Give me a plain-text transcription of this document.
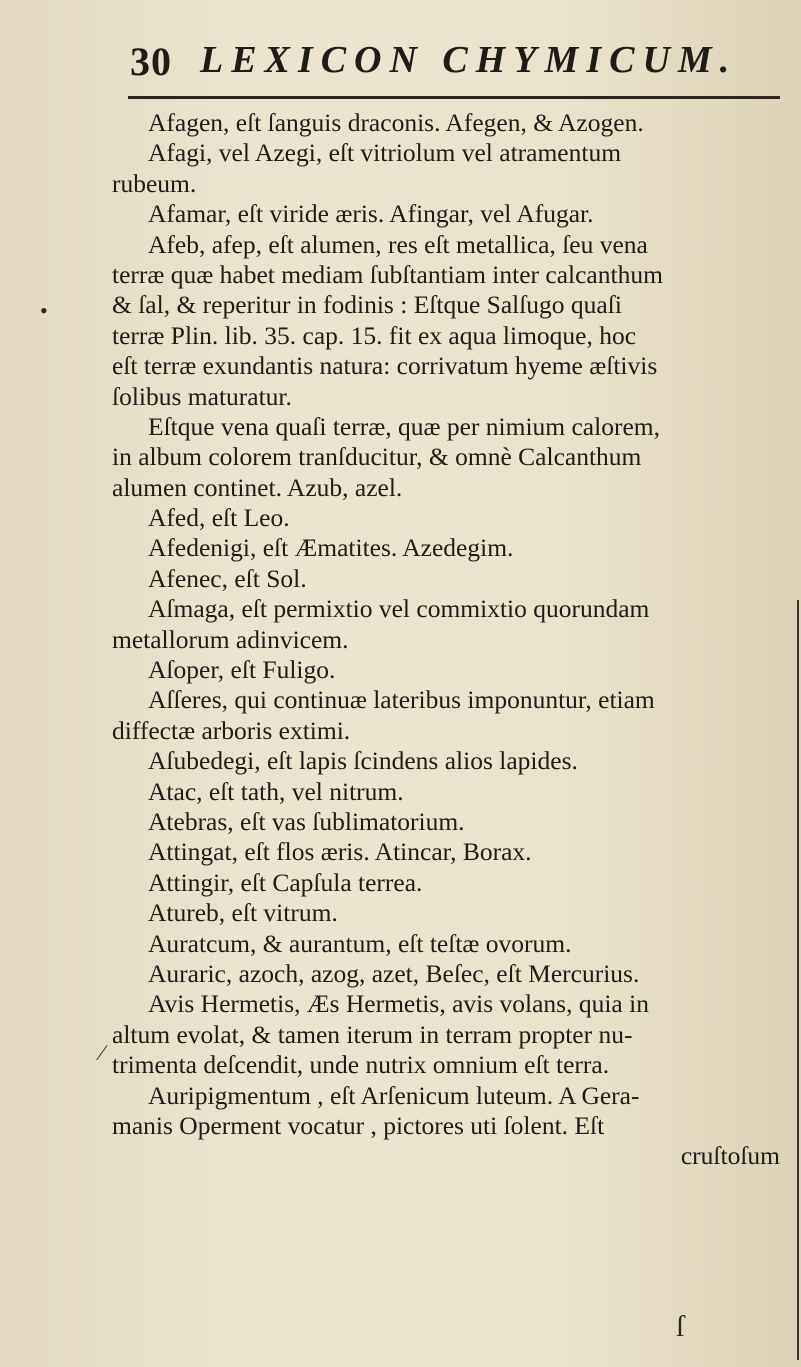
30 LEXICON CHYMICUM.
Afagen, eſt ſanguis draconis. Afegen, & Azogen.
Afagi, vel Azegi, eſt vitriolum vel atramentum
rubeum.
Afamar, eſt viride æris. Afingar, vel Afugar.
Afeb, afep, eſt alumen, res eſt metallica, ſeu vena
terræ quæ habet mediam ſubſtantiam inter calcanthum
& ſal, & reperitur in fodinis : Eſtque Salſugo quaſi
terræ Plin. lib. 35. cap. 15. fit ex aqua limoque, hoc
eſt terræ exundantis natura: corrivatum hyeme æſtivis
ſolibus maturatur.
Eſtque vena quaſi terræ, quæ per nimium calorem,
in album colorem tranſducitur, & omnè Calcanthum
alumen continet. Azub, azel.
Afed, eſt Leo.
Afedenigi, eſt Æmatites. Azedegim.
Afenec, eſt Sol.
Aſmaga, eſt permixtio vel commixtio quorundam
metallorum adinvicem.
Aſoper, eſt Fuligo.
Aſſeres, qui continuæ lateribus imponuntur, etiam
diffectæ arboris extimi.
Aſubedegi, eſt lapis ſcindens alios lapides.
Atac, eſt tath, vel nitrum.
Atebras, eſt vas ſublimatorium.
Attingat, eſt flos æris. Atincar, Borax.
Attingir, eſt Capſula terrea.
Atureb, eſt vitrum.
Auratcum, & aurantum, eſt teſtæ ovorum.
Auraric, azoch, azog, azet, Beſec, eſt Mercurius.
Avis Hermetis, Æs Hermetis, avis volans, quia in
altum evolat, & tamen iterum in terram propter nu-
trimenta deſcendit, unde nutrix omnium eſt terra.
Auripigmentum , eſt Arſenicum luteum. A Gera-
manis Operment vocatur , pictores uti ſolent. Eſt
cruſtoſum
•
⁄
ſ
